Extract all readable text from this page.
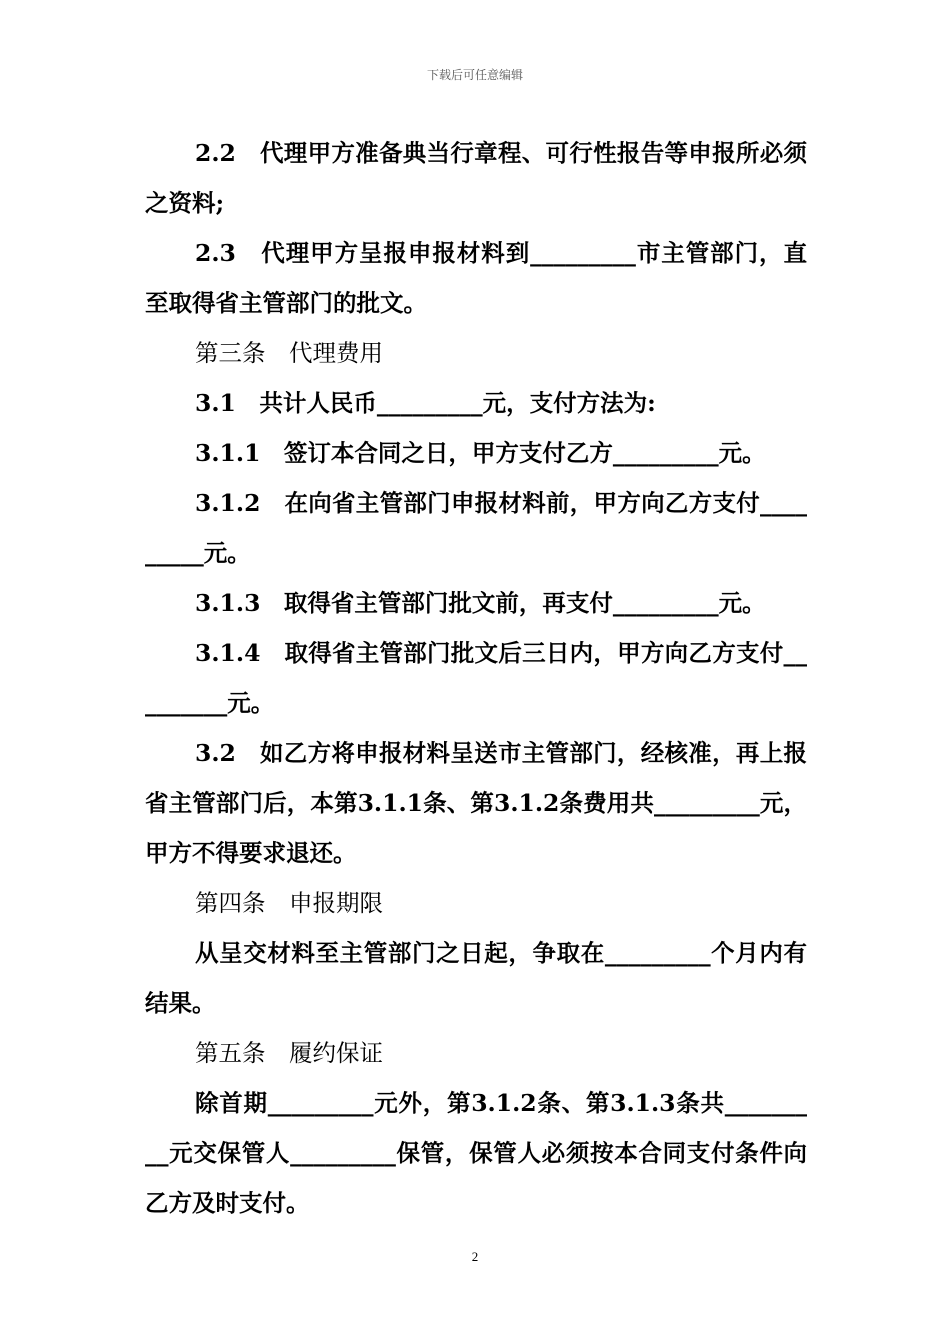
下载后可任意编辑

2.2　代理甲方准备典当行章程、可行性报告等申报所必须之资料;

2.3　代理甲方呈报申报材料到_________市主管部门，直至取得省主管部门的批文。

第三条　代理费用

3.1　共计人民币_________元，支付方法为:

3.1.1　签订本合同之日，甲方支付乙方_________元。

3.1.2　在向省主管部门申报材料前，甲方向乙方支付_________元。

3.1.3　取得省主管部门批文前，再支付_________元。

3.1.4　取得省主管部门批文后三日内，甲方向乙方支付_________元。

3.2　如乙方将申报材料呈送市主管部门，经核准，再上报省主管部门后，本第3.1.1条、第3.1.2条费用共_________元，甲方不得要求退还。

第四条　申报期限

从呈交材料至主管部门之日起，争取在_________个月内有结果。

第五条　履约保证

除首期_________元外，第3.1.2条、第3.1.3条共_________元交保管人_________保管，保管人必须按本合同支付条件向乙方及时支付。

2
